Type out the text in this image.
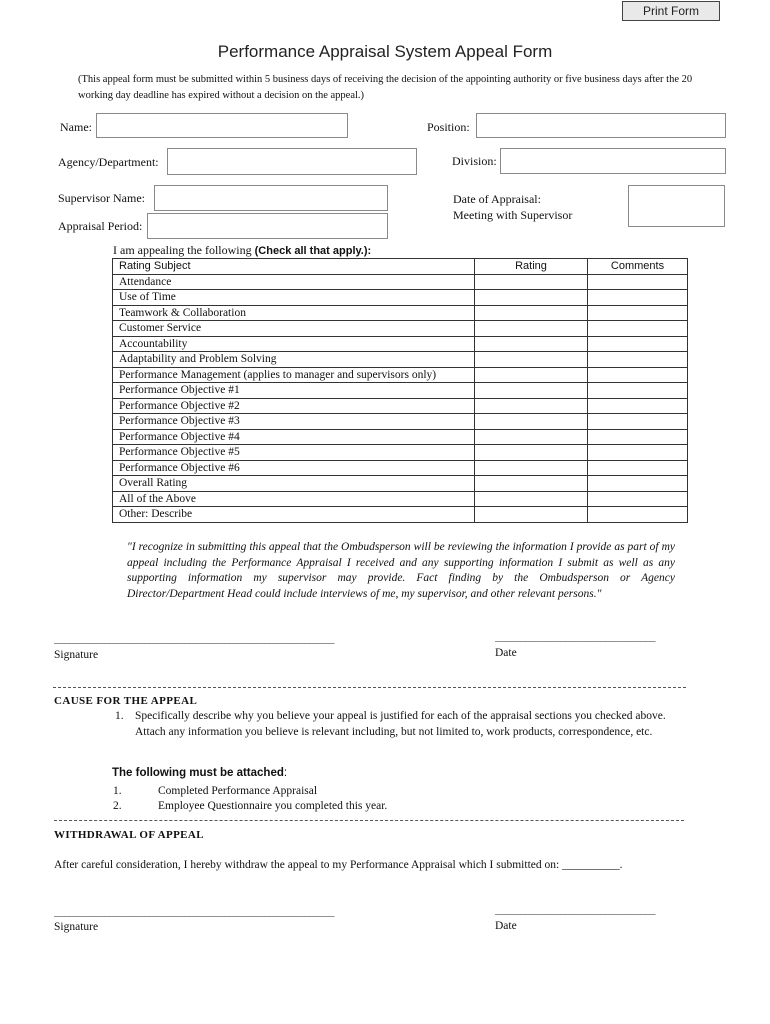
Print Form
Performance Appraisal System Appeal Form
(This appeal form must be submitted within 5 business days of receiving the decision of the appointing authority or five business days after the 20 working day deadline has expired without a decision on the appeal.)
Name:	Position:
Agency/Department:	Division:
Supervisor Name:	Date of Appraisal:
Meeting with Supervisor
Appraisal Period:
I am appealing the following (Check all that apply.):
Rating Subject	Rating	Comments
Attendance		
Use of Time		
Teamwork & Collaboration		
Customer Service		
Accountability		
Adaptability and Problem Solving		
Performance Management (applies to manager and supervisors only)		
Performance Objective #1		
Performance Objective #2		
Performance Objective #3		
Performance Objective #4		
Performance Objective #5		
Performance Objective #6		
Overall Rating		
All of the Above		
Other: Describe		
"I recognize in submitting this appeal that the Ombudsperson will be reviewing the information I provide as part of my appeal including the Performance Appraisal I received and any supporting information I submit as well as any supporting information my supervisor may provide. Fact finding by the Ombudsperson or Agency Director/Department Head could include interviews of me, my supervisor, and other relevant persons."
________________________________________________________
Signature
________________________________
Date
CAUSE FOR THE APPEAL
1. Specifically describe why you believe your appeal is justified for each of the appraisal sections you checked above. Attach any information you believe is relevant including, but not limited to, work products, correspondence, etc.
The following must be attached:
1.	Completed Performance Appraisal
2.	Employee Questionnaire you completed this year.
WITHDRAWAL OF APPEAL
After careful consideration, I hereby withdraw the appeal to my Performance Appraisal which I submitted on: __________.
________________________________________________________
Signature
________________________________
Date
